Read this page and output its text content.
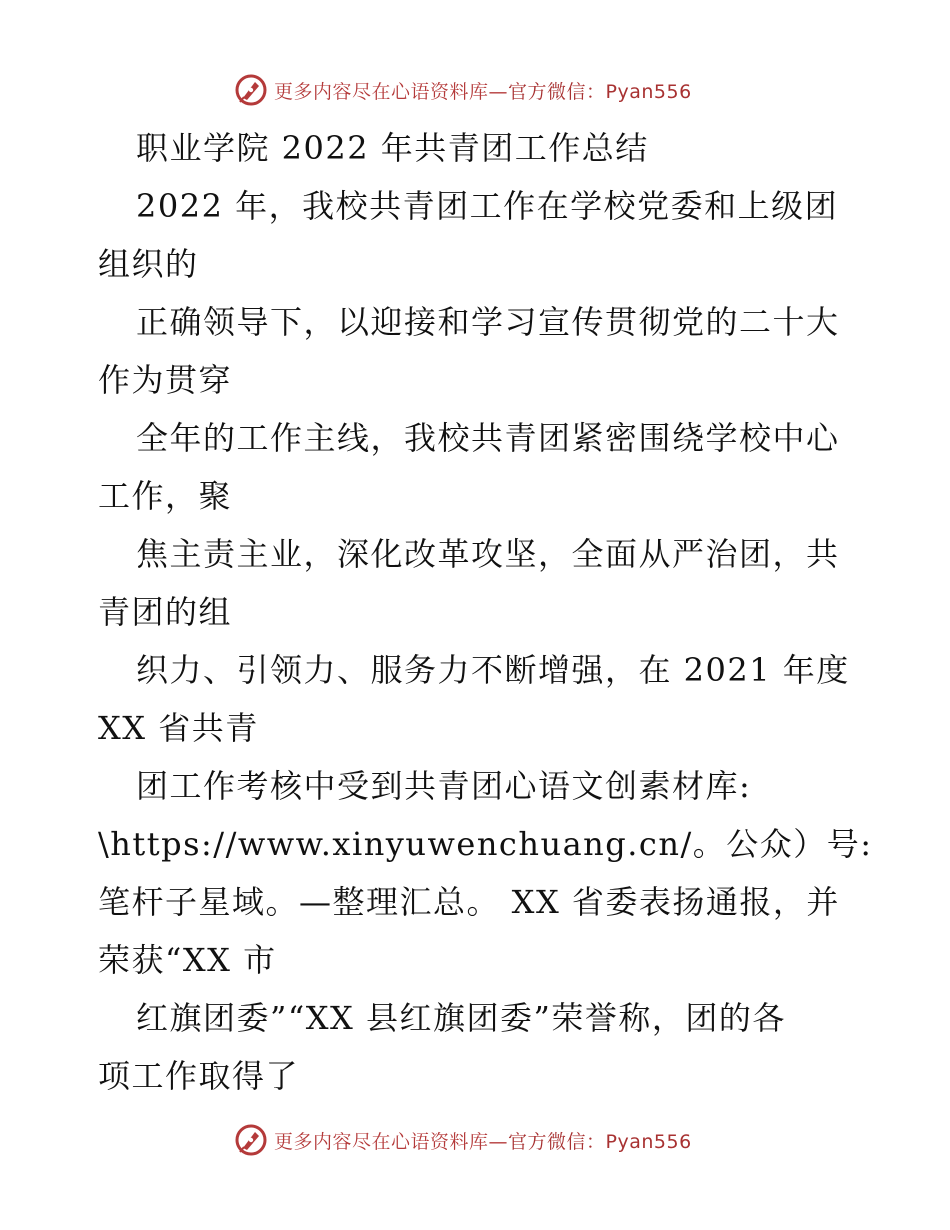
更多内容尽在心语资料库—官方微信：Pyan556
职业学院 2022 年共青团工作总结
2022 年，我校共青团工作在学校党委和上级团
组织的
正确领导下，以迎接和学习宣传贯彻党的二十大
作为贯穿
全年的工作主线，我校共青团紧密围绕学校中心
工作，聚
焦主责主业，深化改革攻坚，全面从严治团，共
青团的组
织力、引领力、服务力不断增强，在 2021 年度
XX 省共青
团工作考核中受到共青团心语文创素材库:
\https://www.xinyuwenchuang.cn/。公众）号:
笔杆子星域。—整理汇总。 XX 省委表扬通报，并
荣获“XX 市
红旗团委”“XX 县红旗团委”荣誉称，团的各
项工作取得了
更多内容尽在心语资料库—官方微信：Pyan556
